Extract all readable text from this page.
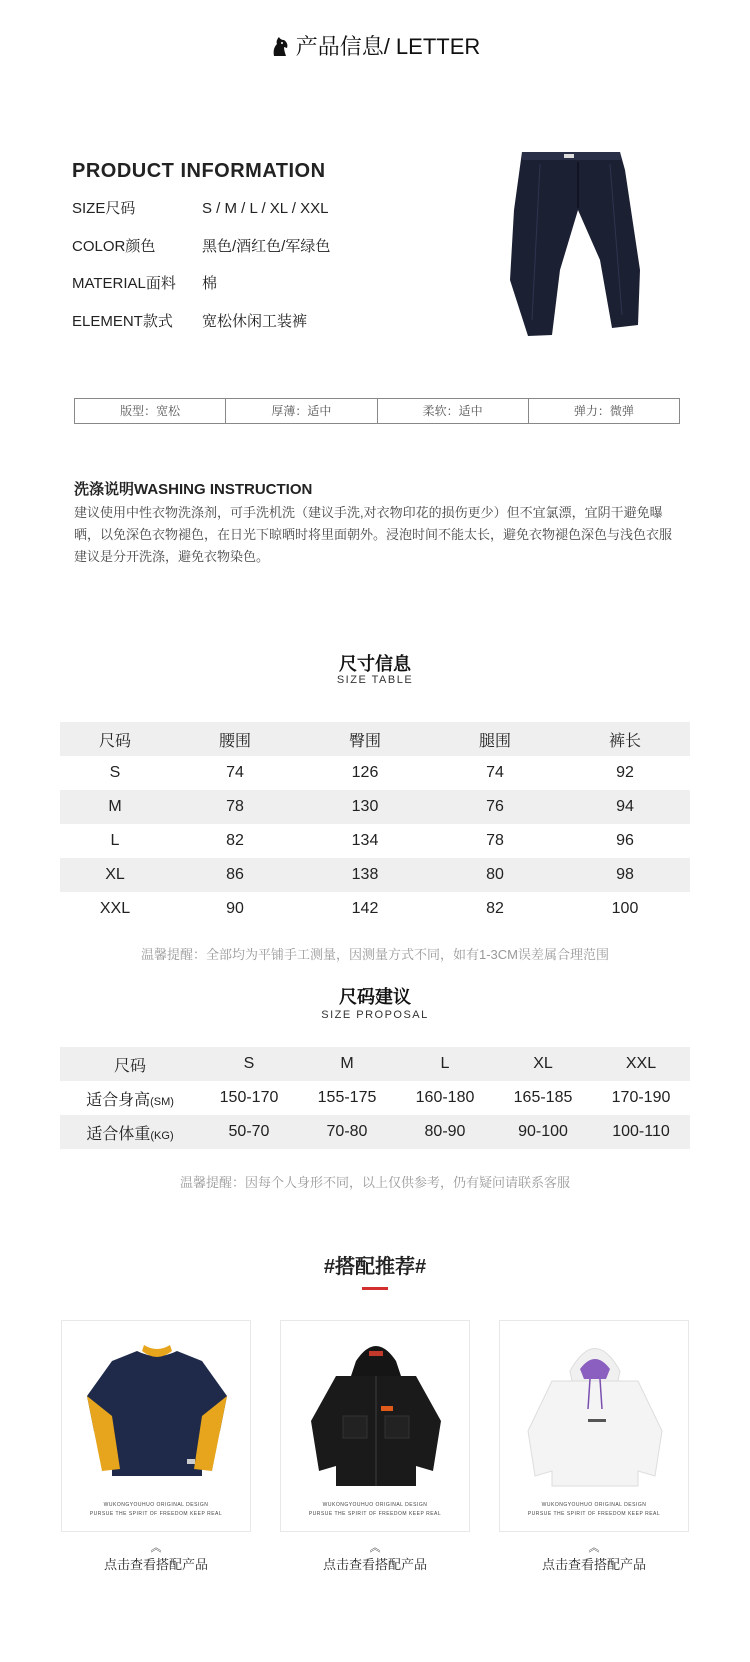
产品信息/ LETTER
PRODUCT INFORMATION
SIZE尺码	S / M / L / XL / XXL
COLOR颜色	黑色/酒红色/军绿色
MATERIAL面料 棉
ELEMENT款式 宽松休闲工装裤
版型：宽松	厚薄：适中	柔软：适中	弹力：微弹
洗涤说明WASHING INSTRUCTION
建议使用中性衣物洗涤剂，可手洗机洗（建议手洗,对衣物印花的损伤更少）但不宜氯漂，宜阴干避免曝晒，以免深色衣物褪色，在日光下晾晒时将里面朝外。浸泡时间不能太长，避免衣物褪色深色与浅色衣服建议是分开洗涤，避免衣物染色。
尺寸信息
SIZE TABLE
尺码	腰围	臀围	腿围	裤长
S	74	126	74	92
M	78	130	76	94
L	82	134	78	96
XL	86	138	80	98
XXL	90	142	82	100
温馨提醒：全部均为平铺手工测量，因测量方式不同，如有1-3CM误差属合理范围
尺码建议
SIZE PROPOSAL
尺码	S	M	L	XL	XXL
适合身高(SM)	150-170	155-175	160-180	165-185	170-190
适合体重(KG)	50-70	70-80	80-90	90-100	100-110
温馨提醒：因每个人身形不同，以上仅供参考，仍有疑问请联系客服
#搭配推荐#
WUKONGYOUHUO ORIGINAL DESIGN
PURSUE THE SPIRIT OF FREEDOM KEEP REAL
︽
点击查看搭配产品
WUKONGYOUHUO ORIGINAL DESIGN
PURSUE THE SPIRIT OF FREEDOM KEEP REAL
︽
点击查看搭配产品
WUKONGYOUHUO ORIGINAL DESIGN
PURSUE THE SPIRIT OF FREEDOM KEEP REAL
︽
点击查看搭配产品
